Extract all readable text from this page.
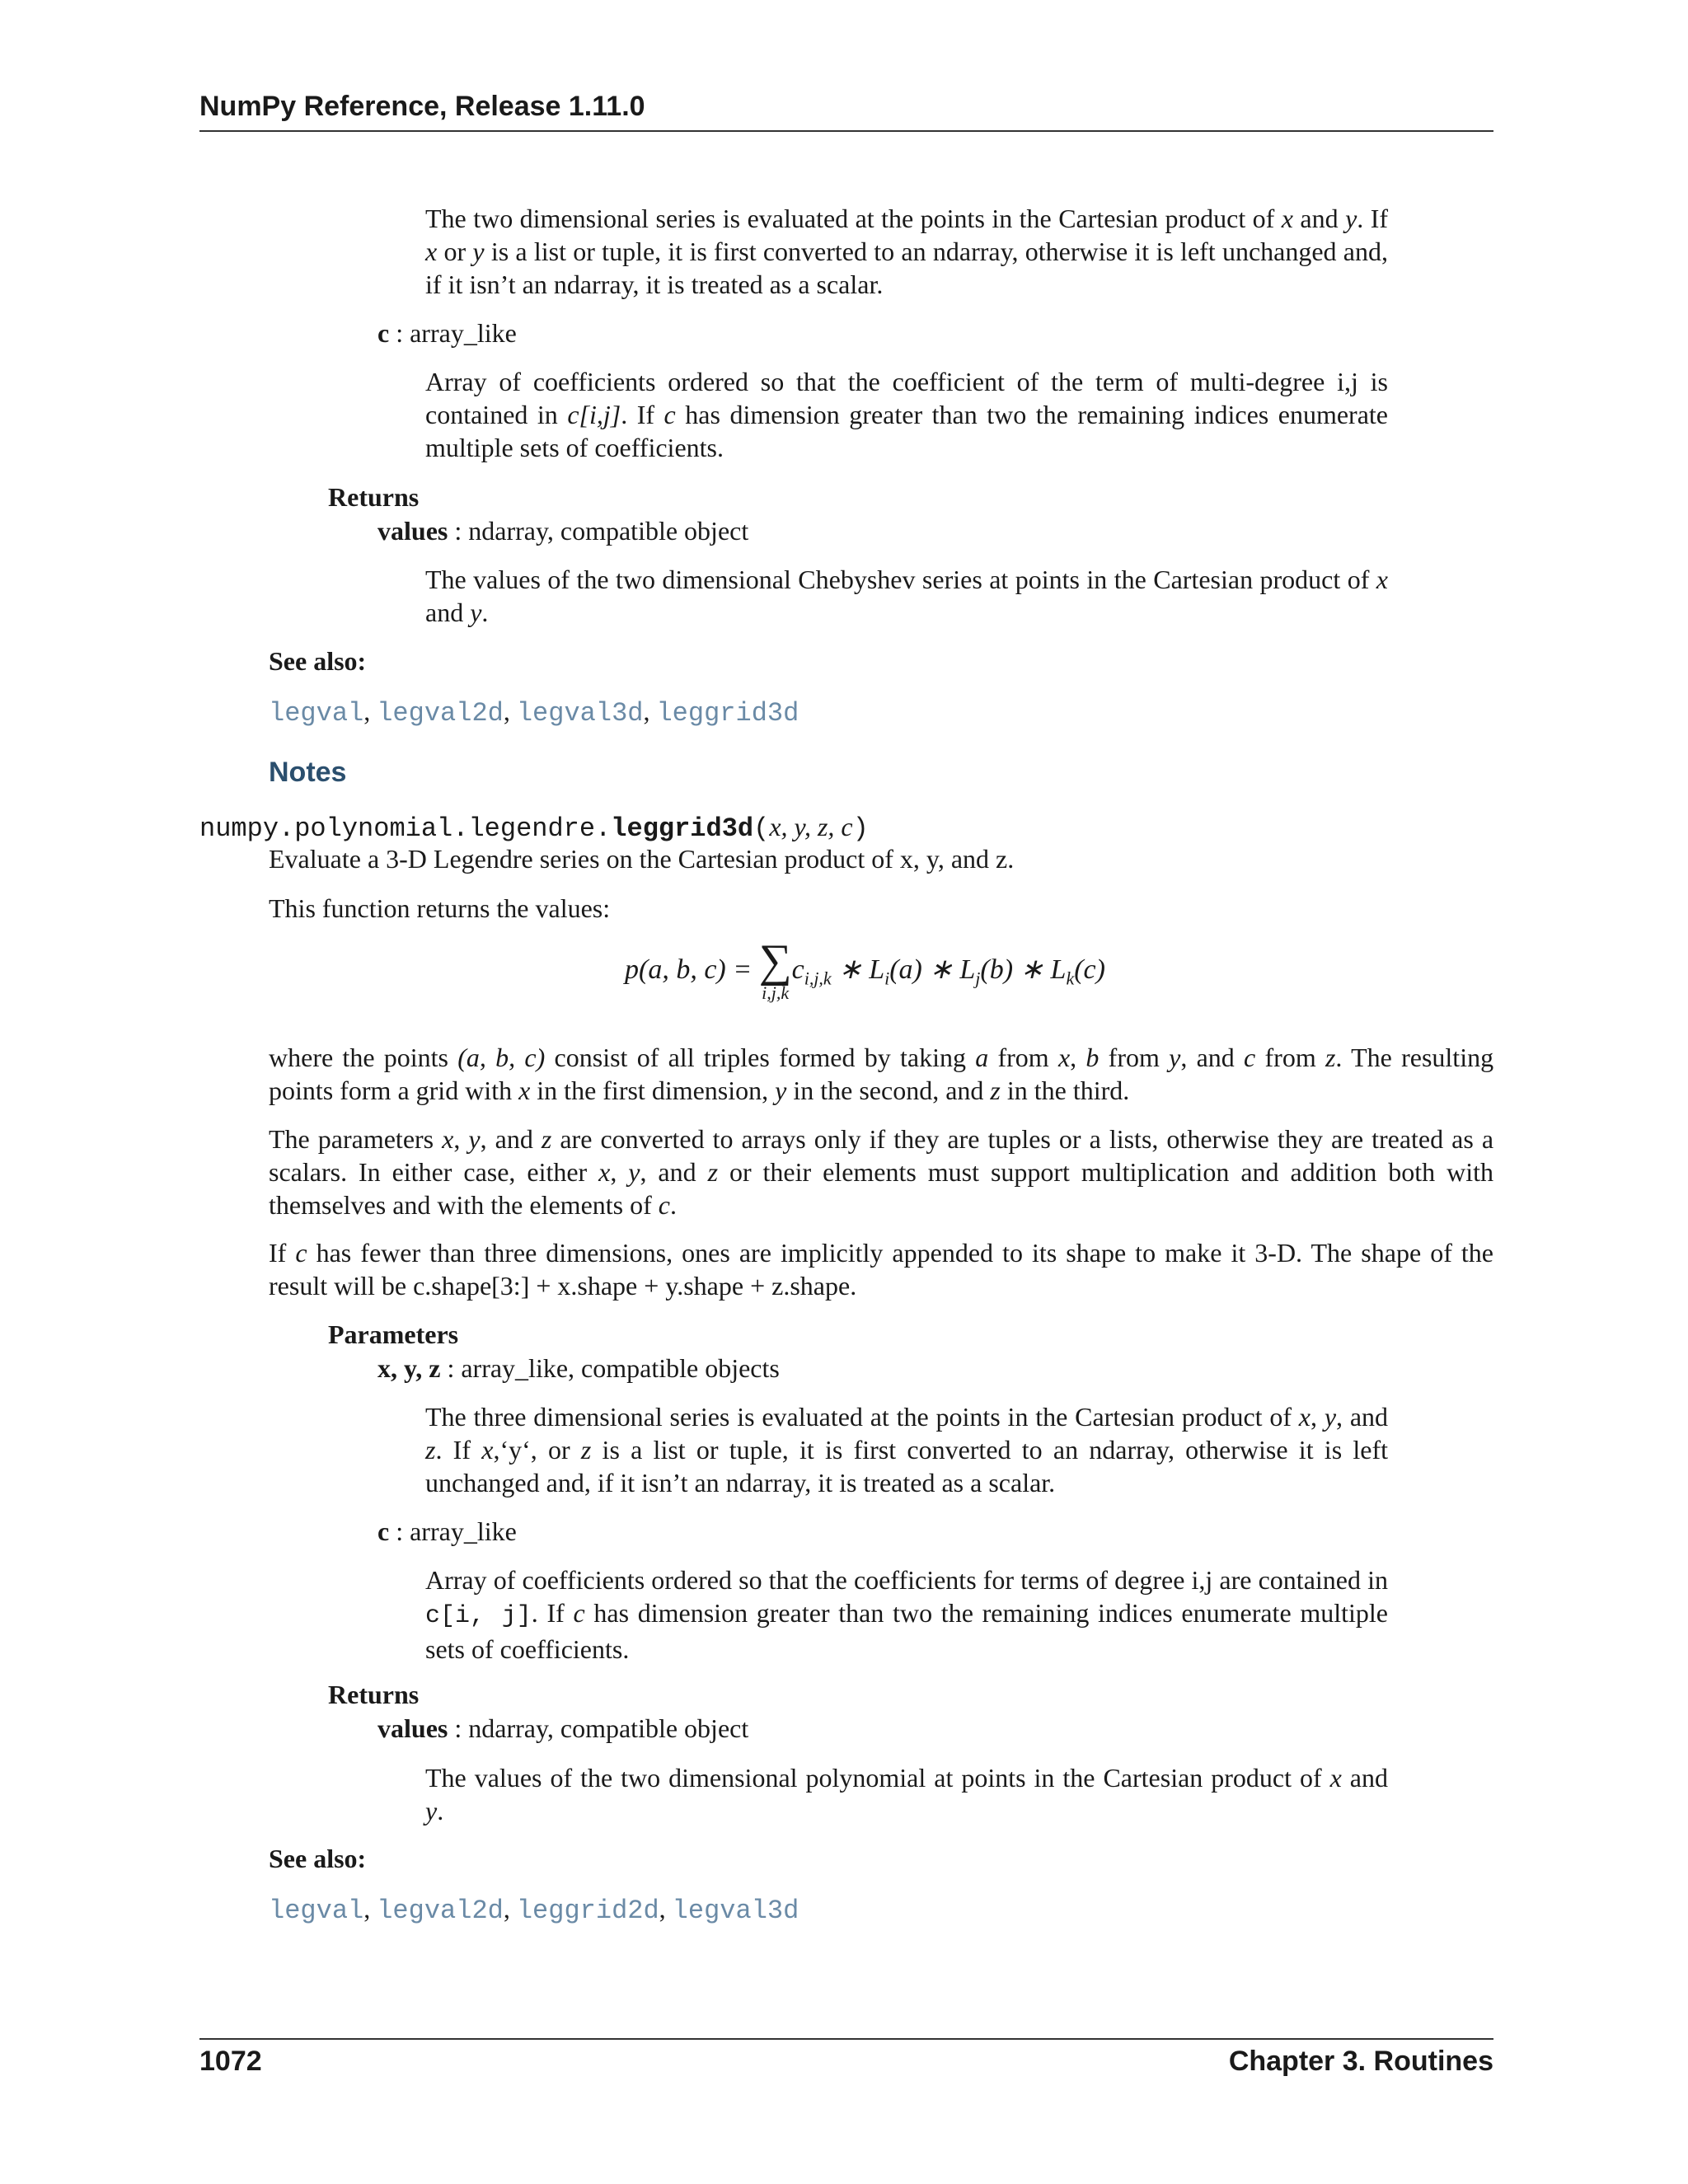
NumPy Reference, Release 1.11.0
The two dimensional series is evaluated at the points in the Cartesian product of x and y. If x or y is a list or tuple, it is first converted to an ndarray, otherwise it is left unchanged and, if it isn’t an ndarray, it is treated as a scalar.
c : array_like
Array of coefficients ordered so that the coefficient of the term of multi-degree i,j is contained in c[i,j]. If c has dimension greater than two the remaining indices enumerate multiple sets of coefficients.
Returns
values : ndarray, compatible object
The values of the two dimensional Chebyshev series at points in the Cartesian product of x and y.
See also:
legval, legval2d, legval3d, leggrid3d
Notes
numpy.polynomial.legendre.leggrid3d(x, y, z, c)
Evaluate a 3-D Legendre series on the Cartesian product of x, y, and z.
This function returns the values:
p(a, b, c) = ∑
i,j,k
$c_{i,j,k}$ ∗ $L_i(a)$ ∗ $L_j(b)$ ∗ $L_k(c)$
where the points (a, b, c) consist of all triples formed by taking a from x, b from y, and c from z. The resulting points form a grid with x in the first dimension, y in the second, and z in the third.
The parameters x, y, and z are converted to arrays only if they are tuples or a lists, otherwise they are treated as a scalars. In either case, either x, y, and z or their elements must support multiplication and addition both with themselves and with the elements of c.
If c has fewer than three dimensions, ones are implicitly appended to its shape to make it 3-D. The shape of the result will be c.shape[3:] + x.shape + y.shape + z.shape.
Parameters
x, y, z : array_like, compatible objects
The three dimensional series is evaluated at the points in the Cartesian product of x, y, and z. If x,‘y‘, or z is a list or tuple, it is first converted to an ndarray, otherwise it is left unchanged and, if it isn’t an ndarray, it is treated as a scalar.
c : array_like
Array of coefficients ordered so that the coefficients for terms of degree i,j are contained in c[i, j]. If c has dimension greater than two the remaining indices enumerate multiple sets of coefficients.
Returns
values : ndarray, compatible object
The values of the two dimensional polynomial at points in the Cartesian product of x and y.
See also:
legval, legval2d, leggrid2d, legval3d
1072	Chapter 3. Routines
